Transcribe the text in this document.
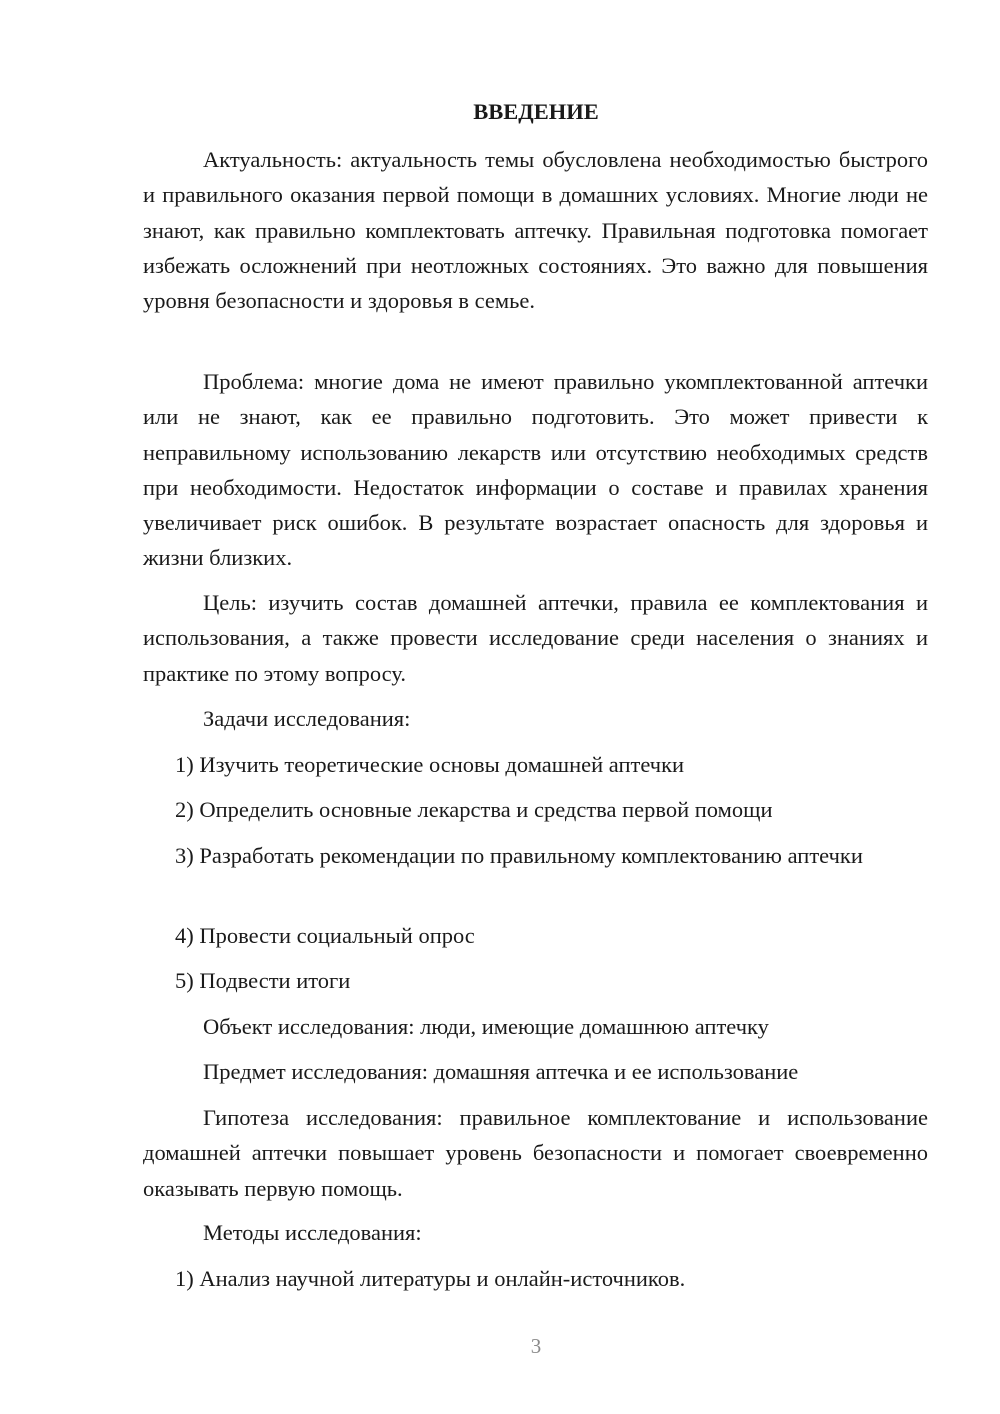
ВВЕДЕНИЕ

Актуальность: актуальность темы обусловлена необходимостью быстрого и правильного оказания первой помощи в домашних условиях. Многие люди не знают, как правильно комплектовать аптечку. Правильная подготовка помогает избежать осложнений при неотложных состояниях. Это важно для повышения уровня безопасности и здоровья в семье.

Проблема: многие дома не имеют правильно укомплектованной аптечки или не знают, как ее правильно подготовить. Это может привести к неправильному использованию лекарств или отсутствию необходимых средств при необходимости. Недостаток информации о составе и правилах хранения увеличивает риск ошибок. В результате возрастает опасность для здоровья и жизни близких.

Цель: изучить состав домашней аптечки, правила ее комплектования и использования, а также провести исследование среди населения о знаниях и практике по этому вопросу.

Задачи исследования:

1) Изучить теоретические основы домашней аптечки

2) Определить основные лекарства и средства первой помощи

3) Разработать рекомендации по правильному комплектованию аптечки

4) Провести социальный опрос

5) Подвести итоги

Объект исследования: люди, имеющие домашнюю аптечку

Предмет исследования: домашняя аптечка и ее использование

Гипотеза исследования: правильное комплектование и использование домашней аптечки повышает уровень безопасности и помогает своевременно оказывать первую помощь.

Методы исследования:

1) Анализ научной литературы и онлайн-источников.

3
